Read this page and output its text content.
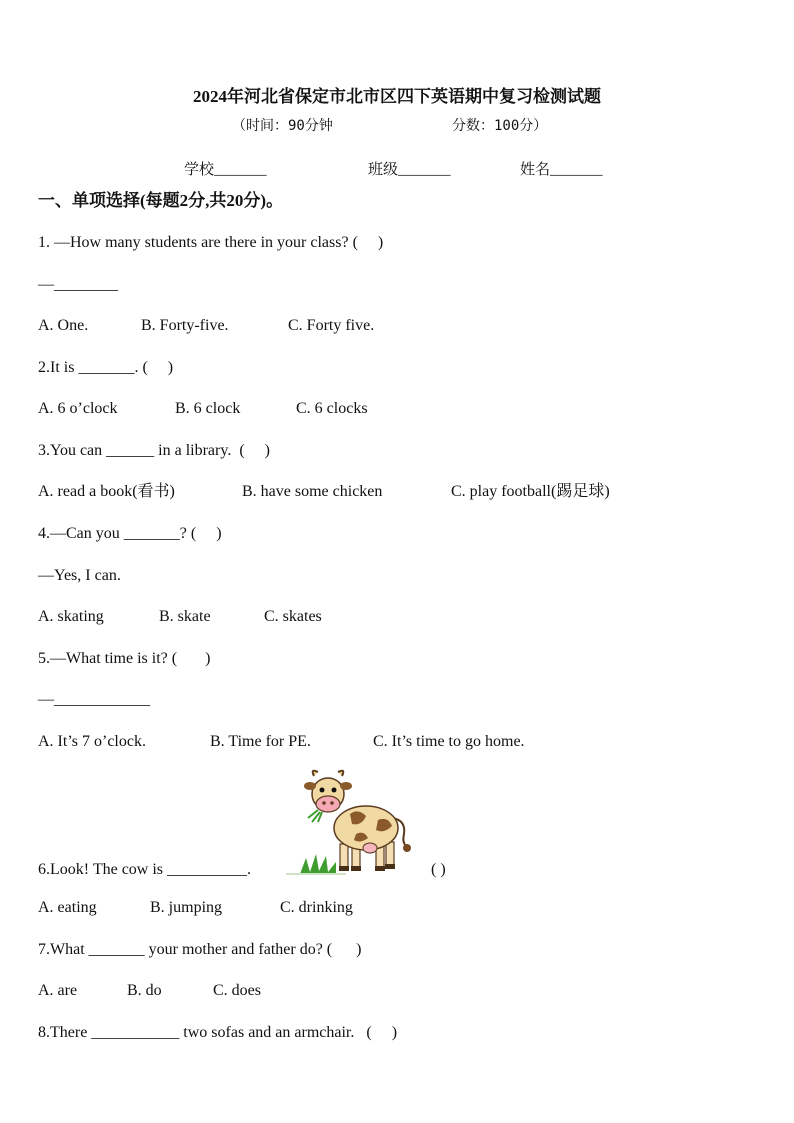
2024年河北省保定市北市区四下英语期中复习检测试题
（时间：90分钟	分数：100分）
学校_______	班级_______	姓名_______
一、单项选择(每题2分,共20分)。
1. —How many students are there in your class? (     )
—________
A. One.	B. Forty-five.	C. Forty five.
2.It is _______. (     )
A. 6 o’clock	B. 6 clock	C. 6 clocks
3.You can ______ in a library.  (     )
A. read a book(看书)	B. have some chicken	C. play football(踢足球)
4.—Can you _______? (     )
—Yes, I can.
A. skating	B. skate	C. skates
5.—What time is it? (       )
—____________
A. It’s 7 o’clock.	B. Time for PE.	C. It’s time to go home.
6.Look! The cow is __________.	( )
A. eating	B. jumping	C. drinking
7.What _______ your mother and father do? (      )
A. are	B. do	C. does
8.There ___________ two sofas and an armchair.   (     )
